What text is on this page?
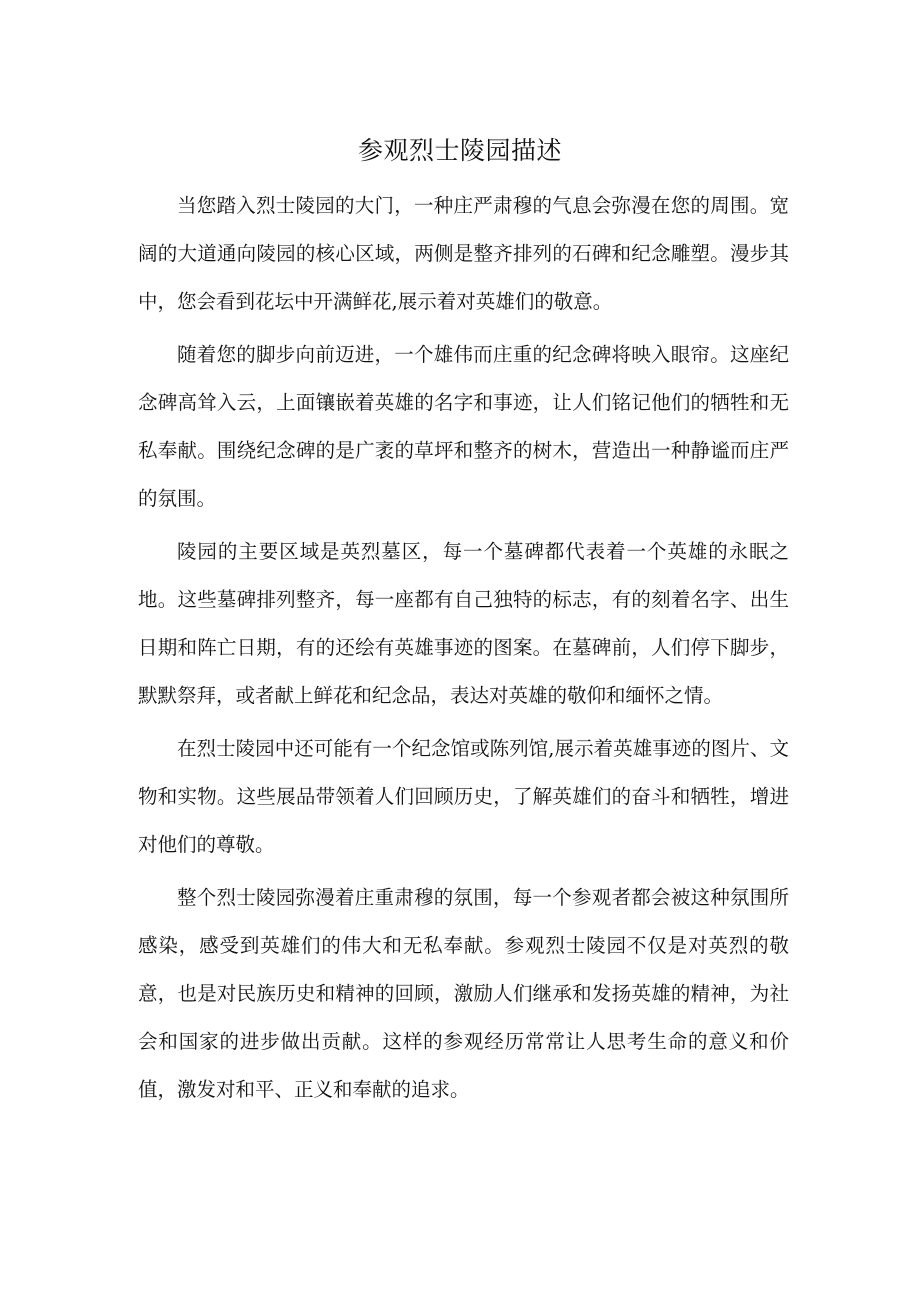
参观烈士陵园描述

当您踏入烈士陵园的大门，一种庄严肃穆的气息会弥漫在您的周围。宽阔的大道通向陵园的核心区域，两侧是整齐排列的石碑和纪念雕塑。漫步其中，您会看到花坛中开满鲜花,展示着对英雄们的敬意。

随着您的脚步向前迈进，一个雄伟而庄重的纪念碑将映入眼帘。这座纪念碑高耸入云，上面镶嵌着英雄的名字和事迹，让人们铭记他们的牺牲和无私奉献。围绕纪念碑的是广袤的草坪和整齐的树木，营造出一种静谧而庄严的氛围。

陵园的主要区域是英烈墓区，每一个墓碑都代表着一个英雄的永眠之地。这些墓碑排列整齐，每一座都有自己独特的标志，有的刻着名字、出生日期和阵亡日期，有的还绘有英雄事迹的图案。在墓碑前，人们停下脚步，默默祭拜，或者献上鲜花和纪念品，表达对英雄的敬仰和缅怀之情。

在烈士陵园中还可能有一个纪念馆或陈列馆,展示着英雄事迹的图片、文物和实物。这些展品带领着人们回顾历史，了解英雄们的奋斗和牺牲，增进对他们的尊敬。

整个烈士陵园弥漫着庄重肃穆的氛围，每一个参观者都会被这种氛围所感染，感受到英雄们的伟大和无私奉献。参观烈士陵园不仅是对英烈的敬意，也是对民族历史和精神的回顾，激励人们继承和发扬英雄的精神，为社会和国家的进步做出贡献。这样的参观经历常常让人思考生命的意义和价值，激发对和平、正义和奉献的追求。
